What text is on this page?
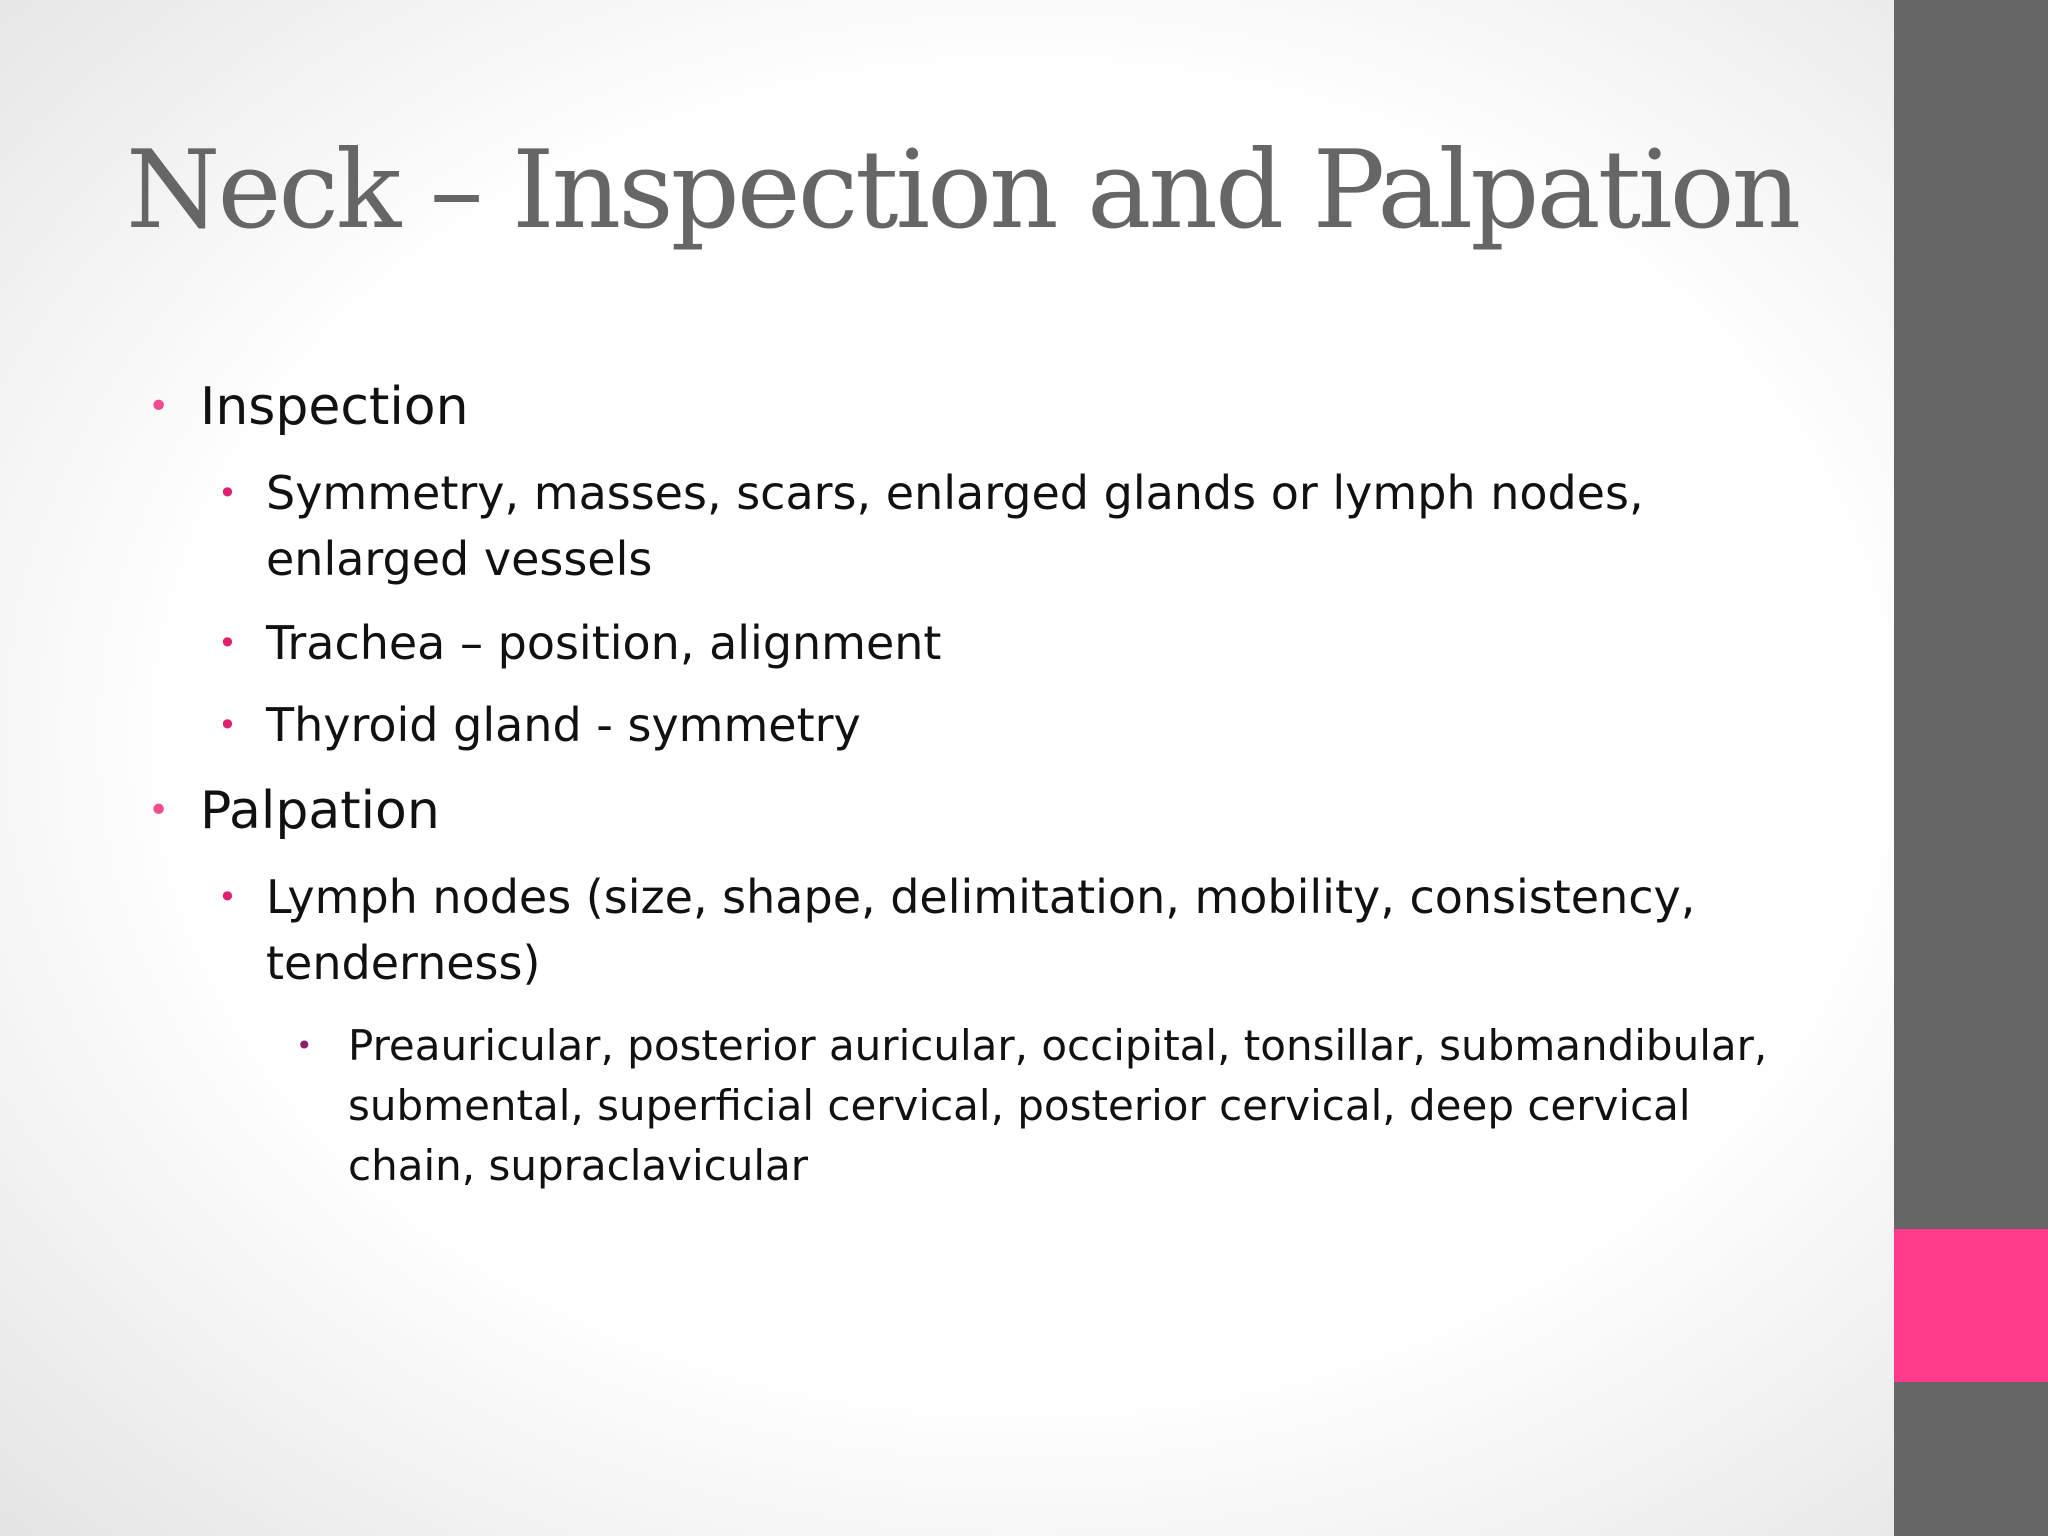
Neck – Inspection and Palpation
• Inspection
• Symmetry, masses, scars, enlarged glands or lymph nodes, enlarged vessels
• Trachea – position, alignment
• Thyroid gland - symmetry
• Palpation
• Lymph nodes (size, shape, delimitation, mobility, consistency, tenderness)
• Preauricular, posterior auricular, occipital, tonsillar, submandibular, submental, superficial cervical, posterior cervical, deep cervical chain, supraclavicular
